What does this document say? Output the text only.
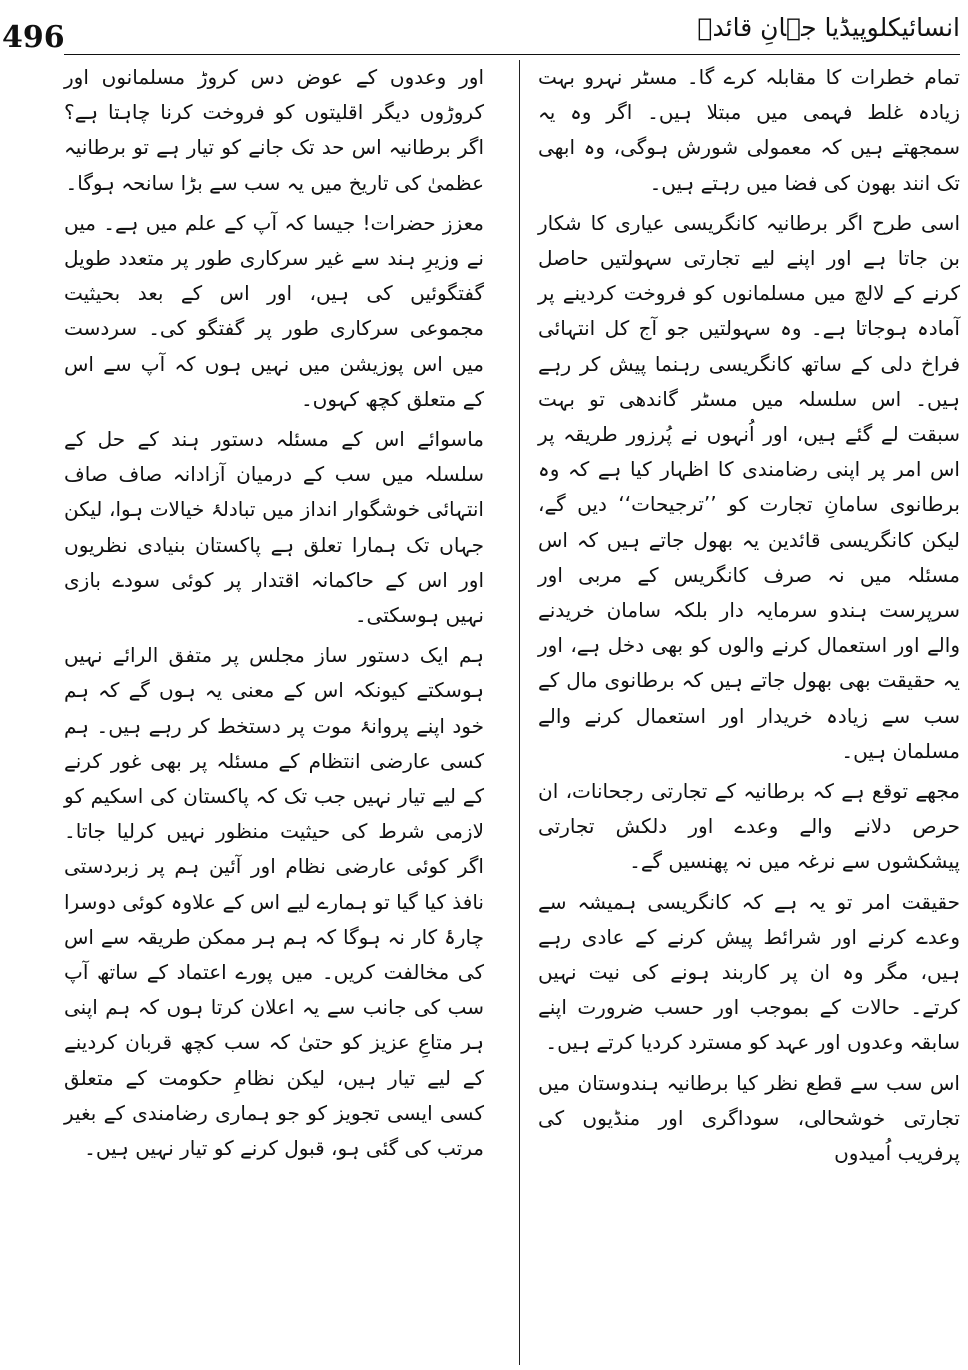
496	انسائیکلوپیڈیا جہانِ قائدؒ

تمام خطرات کا مقابلہ کرے گا۔ مسٹر نہرو بہت زیادہ غلط فہمی میں مبتلا ہیں۔ اگر وہ یہ سمجھتے ہیں کہ معمولی شورش ہوگی، وہ ابھی تک انند بھون کی فضا میں رہتے ہیں۔

اسی طرح اگر برطانیہ کانگریسی عیاری کا شکار بن جاتا ہے اور اپنے لیے تجارتی سہولتیں حاصل کرنے کے لالچ میں مسلمانوں کو فروخت کردینے پر آمادہ ہوجاتا ہے۔ وہ سہولتیں جو آج کل انتہائی فراخ دلی کے ساتھ کانگریسی رہنما پیش کر رہے ہیں۔ اس سلسلہ میں مسٹر گاندھی تو بہت سبقت لے گئے ہیں، اور اُنہوں نے پُرزور طریقہ پر اس امر پر اپنی رضامندی کا اظہار کیا ہے کہ وہ برطانوی سامانِ تجارت کو ’’ترجیحات‘‘ دیں گے، لیکن کانگریسی قائدین یہ بھول جاتے ہیں کہ اس مسئلہ میں نہ صرف کانگریس کے مربی اور سرپرست ہندو سرمایہ دار بلکہ سامان خریدنے والے اور استعمال کرنے والوں کو بھی دخل ہے، اور یہ حقیقت بھی بھول جاتے ہیں کہ برطانوی مال کے سب سے زیادہ خریدار اور استعمال کرنے والے مسلمان ہیں۔

مجھے توقع ہے کہ برطانیہ کے تجارتی رجحانات، ان حرص دلانے والے وعدے اور دلکش تجارتی پیشکشوں سے نرغہ میں نہ پھنسیں گے۔

حقیقت امر تو یہ ہے کہ کانگریسی ہمیشہ سے وعدے کرنے اور شرائط پیش کرنے کے عادی رہے ہیں، مگر وہ ان پر کاربند ہونے کی نیت نہیں کرتے۔ حالات کے بموجب اور حسب ضرورت اپنے سابقہ وعدوں اور عہد کو مسترد کردیا کرتے ہیں۔

اس سب سے قطع نظر کیا برطانیہ ہندوستان میں تجارتی خوشحالی، سوداگری اور منڈیوں کی پرفریب اُمیدوں

اور وعدوں کے عوض دس کروڑ مسلمانوں اور کروڑوں دیگر اقلیتوں کو فروخت کرنا چاہتا ہے؟ اگر برطانیہ اس حد تک جانے کو تیار ہے تو برطانیہ عظمیٰ کی تاریخ میں یہ سب سے بڑا سانحہ ہوگا۔

معزز حضرات! جیسا کہ آپ کے علم میں ہے۔ میں نے وزیرِ ہند سے غیر سرکاری طور پر متعدد طویل گفتگوئیں کی ہیں، اور اس کے بعد بحیثیت مجموعی سرکاری طور پر گفتگو کی۔ سردست میں اس پوزیشن میں نہیں ہوں کہ آپ سے اس کے متعلق کچھ کہوں۔

ماسوائے اس کے مسئلہ دستور ہند کے حل کے سلسلہ میں سب کے درمیان آزادانہ صاف صاف انتہائی خوشگوار انداز میں تبادلۂ خیالات ہوا، لیکن جہاں تک ہمارا تعلق ہے پاکستان بنیادی نظریوں اور اس کے حاکمانہ اقتدار پر کوئی سودے بازی نہیں ہوسکتی۔

ہم ایک دستور ساز مجلس پر متفق الرائے نہیں ہوسکتے کیونکہ اس کے معنی یہ ہوں گے کہ ہم خود اپنے پروانۂ موت پر دستخط کر رہے ہیں۔ ہم کسی عارضی انتظام کے مسئلہ پر بھی غور کرنے کے لیے تیار نہیں جب تک کہ پاکستان کی اسکیم کو لازمی شرط کی حیثیت منظور نہیں کرلیا جاتا۔ اگر کوئی عارضی نظام اور آئین ہم پر زبردستی نافذ کیا گیا تو ہمارے لیے اس کے علاوہ کوئی دوسرا چارۂ کار نہ ہوگا کہ ہم ہر ممکن طریقہ سے اس کی مخالفت کریں۔ میں پورے اعتماد کے ساتھ آپ سب کی جانب سے یہ اعلان کرتا ہوں کہ ہم اپنی ہر متاعِ عزیز کو حتیٰ کہ سب کچھ قربان کردینے کے لیے تیار ہیں، لیکن نظامِ حکومت کے متعلق کسی ایسی تجویز کو جو ہماری رضامندی کے بغیر مرتب کی گئی ہو، قبول کرنے کو تیار نہیں ہیں۔
